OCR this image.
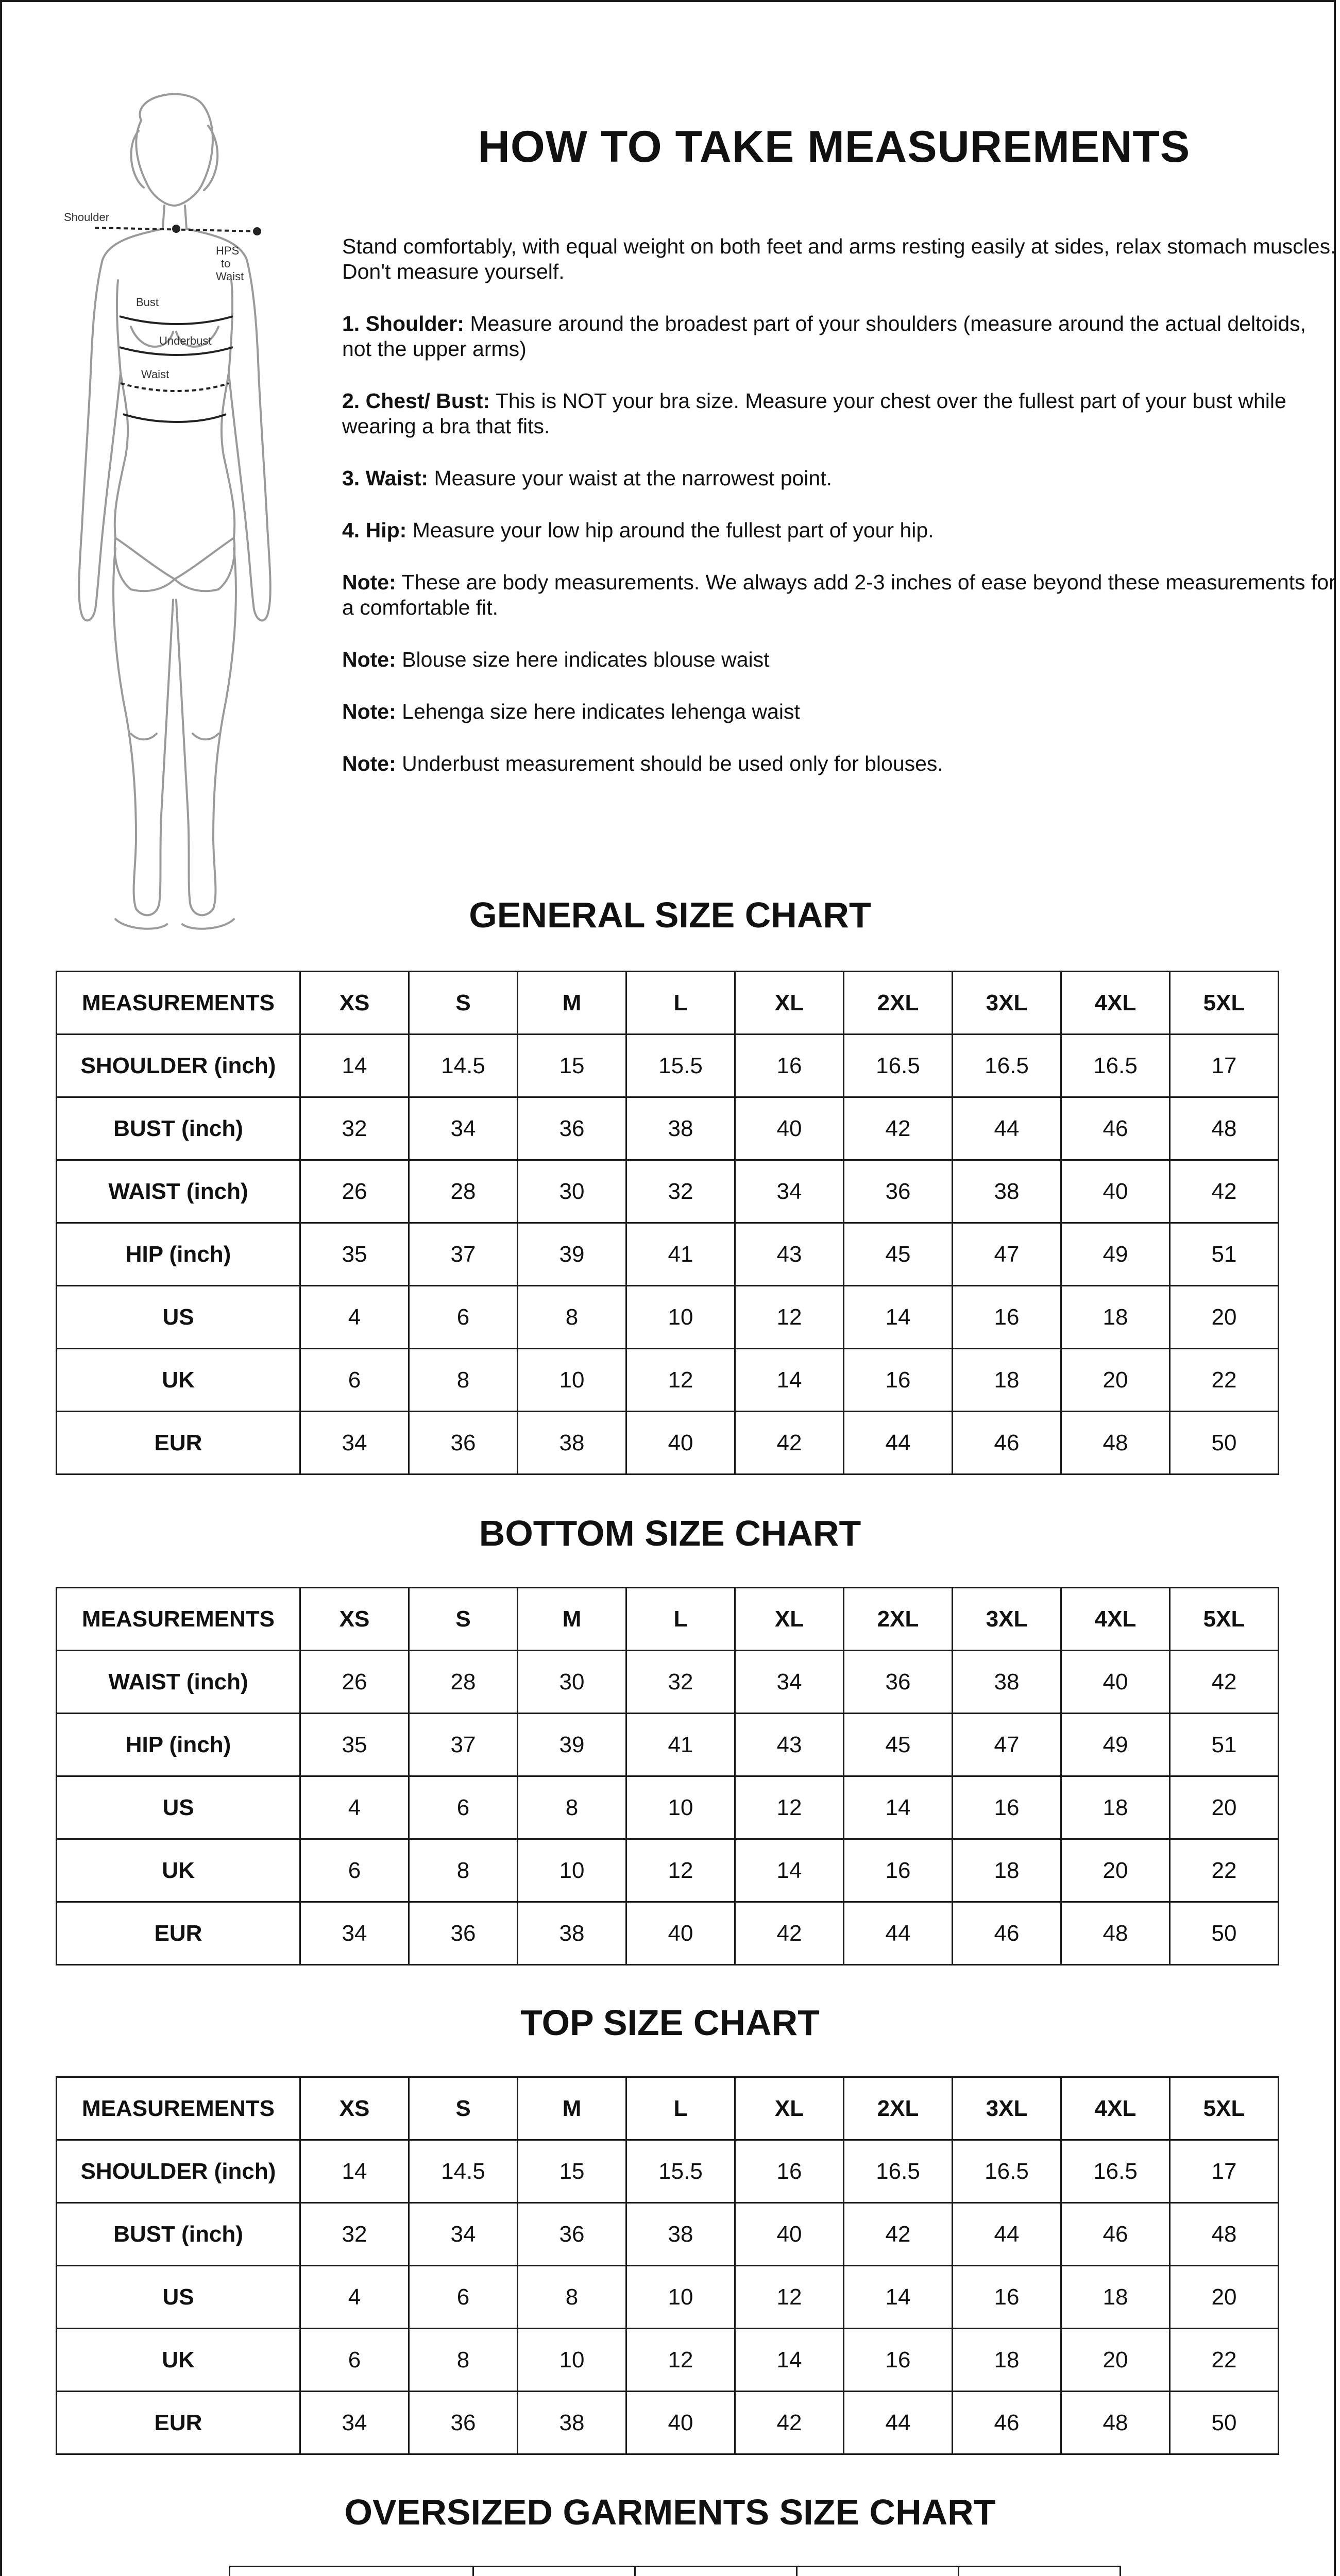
Shoulder
HPS
to
Waist
Bust
Underbust
Waist
HOW TO TAKE MEASUREMENTS

Stand comfortably, with equal weight on both feet and arms resting easily at sides, relax stomach muscles. Don't measure yourself.

1. Shoulder: Measure around the broadest part of your shoulders (measure around the actual deltoids, not the upper arms)

2. Chest/ Bust: This is NOT your bra size. Measure your chest over the fullest part of your bust while wearing a bra that fits.

3. Waist: Measure your waist at the narrowest point.

4. Hip: Measure your low hip around the fullest part of your hip.

Note: These are body measurements. We always add 2-3 inches of ease beyond these measurements for a comfortable fit.

Note: Blouse size here indicates blouse waist

Note: Lehenga size here indicates lehenga waist

Note: Underbust measurement should be used only for blouses.

GENERAL SIZE CHART
MEASUREMENTS	XS	S	M	L	XL	2XL	3XL	4XL	5XL
SHOULDER (inch)	14	14.5	15	15.5	16	16.5	16.5	16.5	17
BUST (inch)	32	34	36	38	40	42	44	46	48
WAIST (inch)	26	28	30	32	34	36	38	40	42
HIP (inch)	35	37	39	41	43	45	47	49	51
US	4	6	8	10	12	14	16	18	20
UK	6	8	10	12	14	16	18	20	22
EUR	34	36	38	40	42	44	46	48	50
BOTTOM SIZE CHART
MEASUREMENTS	XS	S	M	L	XL	2XL	3XL	4XL	5XL
WAIST (inch)	26	28	30	32	34	36	38	40	42
HIP (inch)	35	37	39	41	43	45	47	49	51
US	4	6	8	10	12	14	16	18	20
UK	6	8	10	12	14	16	18	20	22
EUR	34	36	38	40	42	44	46	48	50
TOP SIZE CHART
MEASUREMENTS	XS	S	M	L	XL	2XL	3XL	4XL	5XL
SHOULDER (inch)	14	14.5	15	15.5	16	16.5	16.5	16.5	17
BUST (inch)	32	34	36	38	40	42	44	46	48
US	4	6	8	10	12	14	16	18	20
UK	6	8	10	12	14	16	18	20	22
EUR	34	36	38	40	42	44	46	48	50
OVERSIZED GARMENTS SIZE CHART
